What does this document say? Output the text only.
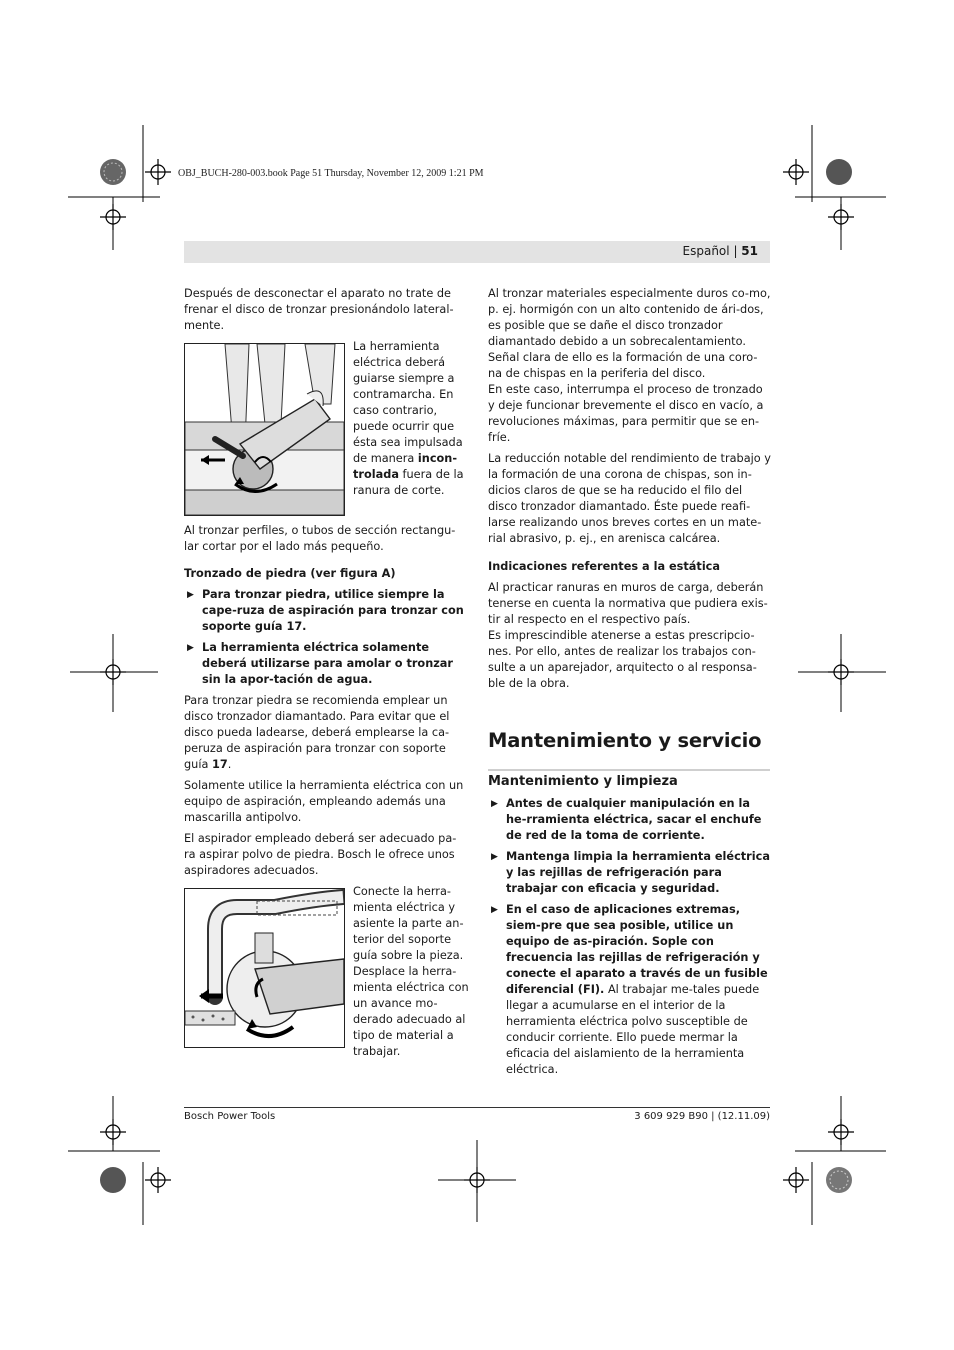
OBJ_BUCH-280-003.book Page 51 Thursday, November 12, 2009 1:21 PM
Español | 51

Después de desconectar el aparato no trate de frenar el disco de tronzar presionándolo lateral-mente.

La herramienta eléctrica deberá guiarse siempre a contramarcha. En caso contrario, puede ocurrir que ésta sea impulsada de manera incon-trolada fuera de la ranura de corte.

Al tronzar perfiles, o tubos de sección rectangu-lar cortar por el lado más pequeño.

Tronzado de piedra (ver figura A)

▶ Para tronzar piedra, utilice siempre la cape-ruza de aspiración para tronzar con soporte guía 17.
▶ La herramienta eléctrica solamente deberá utilizarse para amolar o tronzar sin la apor-tación de agua.

Para tronzar piedra se recomienda emplear un disco tronzador diamantado. Para evitar que el disco pueda ladearse, deberá emplearse la ca-peruza de aspiración para tronzar con soporte guía 17.

Solamente utilice la herramienta eléctrica con un equipo de aspiración, empleando además una mascarilla antipolvo.

El aspirador empleado deberá ser adecuado pa-ra aspirar polvo de piedra. Bosch le ofrece unos aspiradores adecuados.

Conecte la herra-mienta eléctrica y asiente la parte an-terior del soporte guía sobre la pieza. Desplace la herra-mienta eléctrica con un avance mo-derado adecuado al tipo de material a trabajar.

Al tronzar materiales especialmente duros co-mo, p. ej. hormigón con un alto contenido de ári-dos, es posible que se dañe el disco tronzador diamantado debido a un sobrecalentamiento. Señal clara de ello es la formación de una coro-na de chispas en la periferia del disco.

En este caso, interrumpa el proceso de tronzado y deje funcionar brevemente el disco en vacío, a revoluciones máximas, para permitir que se en-fríe.

La reducción notable del rendimiento de trabajo y la formación de una corona de chispas, son in-dicios claros de que se ha reducido el filo del disco tronzador diamantado. Éste puede reafi-larse realizando unos breves cortes en un mate-rial abrasivo, p. ej., en arenisca calcárea.

Indicaciones referentes a la estática

Al practicar ranuras en muros de carga, deberán tenerse en cuenta la normativa que pudiera exis-tir al respecto en el respectivo país.

Es imprescindible atenerse a estas prescripcio-nes. Por ello, antes de realizar los trabajos con-sulte a un aparejador, arquitecto o al responsa-ble de la obra.

Mantenimiento y servicio
Mantenimiento y limpieza
▶ Antes de cualquier manipulación en la he-rramienta eléctrica, sacar el enchufe de red de la toma de corriente.
▶ Mantenga limpia la herramienta eléctrica y las rejillas de refrigeración para trabajar con eficacia y seguridad.
▶ En el caso de aplicaciones extremas, siem-pre que sea posible, utilice un equipo de as-piración. Sople con frecuencia las rejillas de refrigeración y conecte el aparato a través de un fusible diferencial (FI). Al trabajar me-tales puede llegar a acumularse en el interior de la herramienta eléctrica polvo susceptible de conducir corriente. Ello puede mermar la eficacia del aislamiento de la herramienta eléctrica.
Bosch Power Tools	3 609 929 B90 | (12.11.09)
